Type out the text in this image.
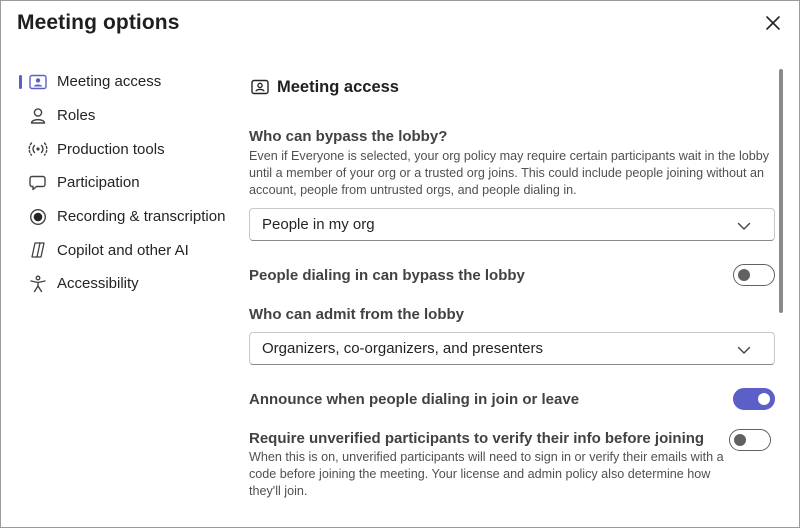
Meeting options
Meeting access
Roles
Production tools
Participation
Recording & transcription
Copilot and other AI
Accessibility
Meeting access
Who can bypass the lobby?
Even if Everyone is selected, your org policy may require certain participants wait in the lobby until a member of your org or a trusted org joins. This could include people joining without an account, people from untrusted orgs, and people dialing in.
People in my org
People dialing in can bypass the lobby
Who can admit from the lobby
Organizers, co-organizers, and presenters
Announce when people dialing in join or leave
Require unverified participants to verify their info before joining
When this is on, unverified participants will need to sign in or verify their emails with a code before joining the meeting. Your license and admin policy also determine how they'll join.
